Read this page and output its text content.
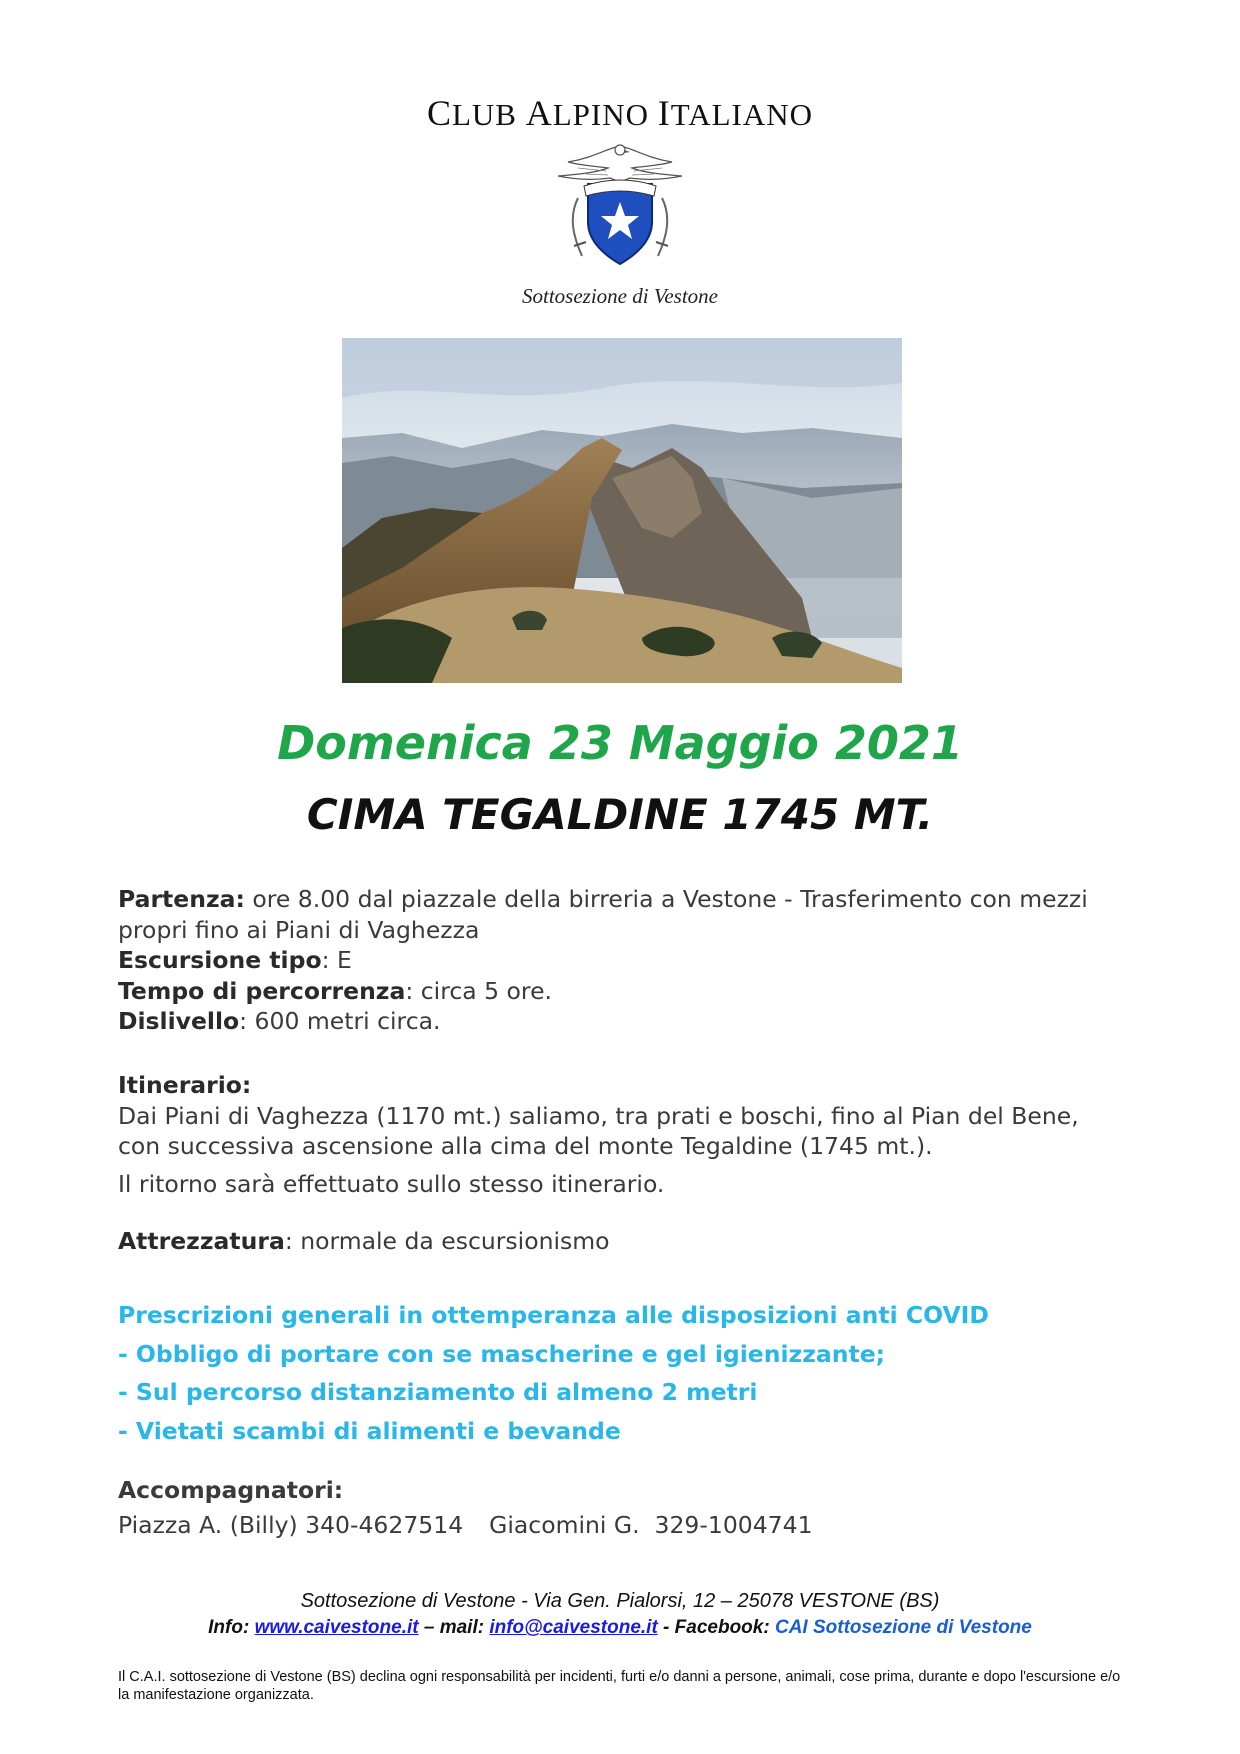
CLUB ALPINO ITALIANO
Sottosezione di Vestone
Domenica 23 Maggio 2021
CIMA TEGALDINE 1745 MT.

Partenza: ore 8.00 dal piazzale della birreria a Vestone - Trasferimento con mezzi propri fino ai Piani di Vaghezza

Escursione tipo: E

Tempo di percorrenza: circa 5 ore.

Dislivello: 600 metri circa.

Itinerario:

Dai Piani di Vaghezza (1170 mt.) saliamo, tra prati e boschi, fino al Pian del Bene, con successiva ascensione alla cima del monte Tegaldine (1745 mt.).

Il ritorno sarà effettuato sullo stesso itinerario.

Attrezzatura: normale da escursionismo

Prescrizioni generali in ottemperanza alle disposizioni anti COVID

- Obbligo di portare con se mascherine e gel igienizzante;

- Sul percorso distanziamento di almeno 2 metri

- Vietati scambi di alimenti e bevande

Accompagnatori:
Piazza A. (Billy) 340-4627514 Giacomini G.  329-1004741
Sottosezione di Vestone - Via Gen. Pialorsi, 12 – 25078 VESTONE (BS)
Info: www.caivestone.it – mail: info@caivestone.it - Facebook: CAI Sottosezione di Vestone
Il C.A.I. sottosezione di Vestone (BS) declina ogni responsabilità per incidenti, furti e/o danni a persone, animali, cose prima, durante e dopo l'escursione e/o la manifestazione organizzata.
